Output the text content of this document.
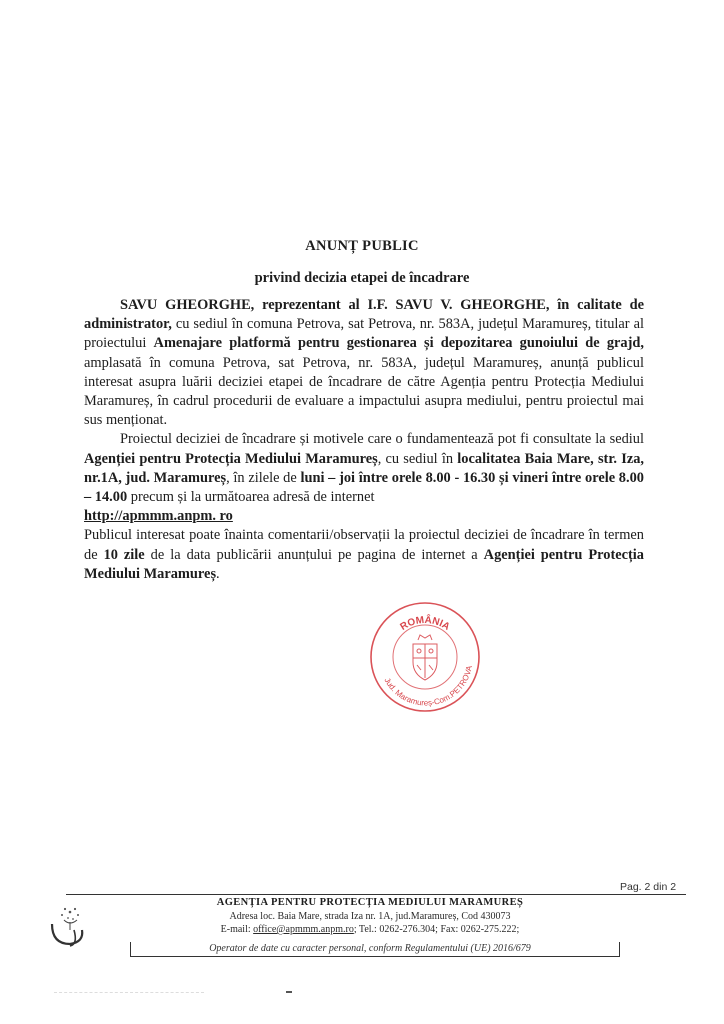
ANUNȚ PUBLIC
privind decizia etapei de încadrare

SAVU GHEORGHE, reprezentant al I.F. SAVU V. GHEORGHE, în calitate de administrator, cu sediul în comuna Petrova, sat Petrova, nr. 583A, județul Maramureș, titular al proiectului Amenajare platformă pentru gestionarea și depozitarea gunoiului de grajd, amplasată în comuna Petrova, sat Petrova, nr. 583A, județul Maramureș, anunță publicul interesat asupra luării deciziei etapei de încadrare de către Agenția pentru Protecția Mediului Maramureș, în cadrul procedurii de evaluare a impactului asupra mediului, pentru proiectul mai sus menționat.

Proiectul deciziei de încadrare și motivele care o fundamentează pot fi consultate la sediul Agenției pentru Protecția Mediului Maramureș, cu sediul în localitatea Baia Mare, str. Iza, nr.1A, jud. Maramureș, în zilele de luni – joi între orele 8.00 - 16.30 și vineri între orele 8.00 – 14.00 precum și la următoarea adresă de internet
http://apmmm.anpm. ro

Publicul interesat poate înainta comentarii/observații la proiectul deciziei de încadrare în termen de 10 zile de la data publicării anunțului pe pagina de internet a Agenției pentru Protecția Mediului Maramureș.

ROMÂNIA
Jud. Maramureș-Com.PETROVA
Pag. 2 din 2
AGENȚIA PENTRU PROTECȚIA MEDIULUI MARAMUREȘ
Adresa loc. Baia Mare, strada Iza nr. 1A, jud.Maramureș, Cod 430073
E-mail: office@apmmm.anpm.ro; Tel.: 0262-276.304; Fax: 0262-275.222;
Operator de date cu caracter personal, conform Regulamentului (UE) 2016/679
